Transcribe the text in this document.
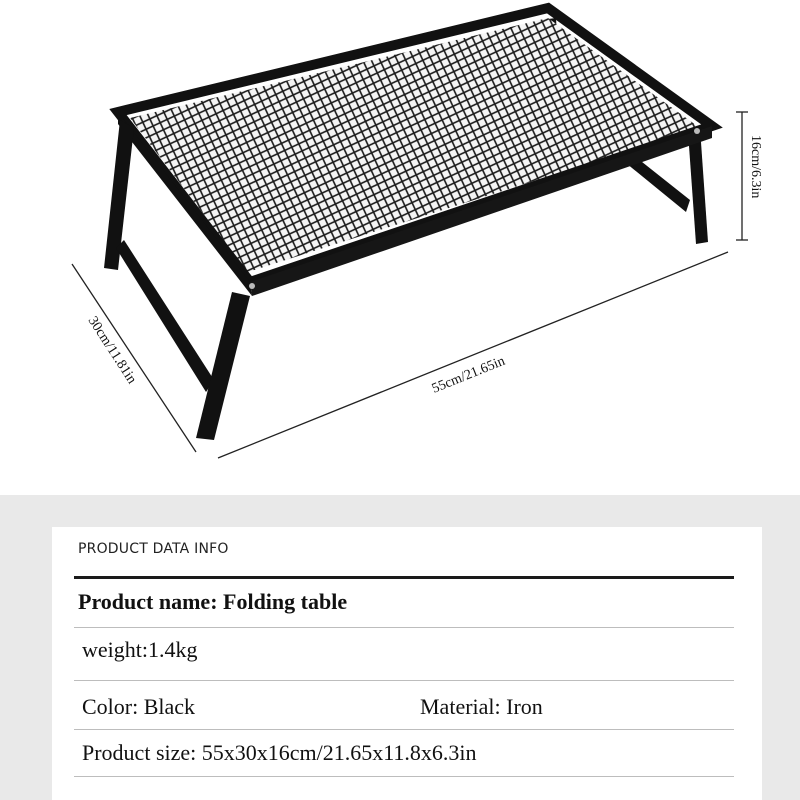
16cm/6.3in
30cm/11.81in	55cm/21.65in
PRODUCT DATA INFO
Product name: Folding table
weight:1.4kg
Color: Black	Material: Iron
Product size: 55x30x16cm/21.65x11.8x6.3in
